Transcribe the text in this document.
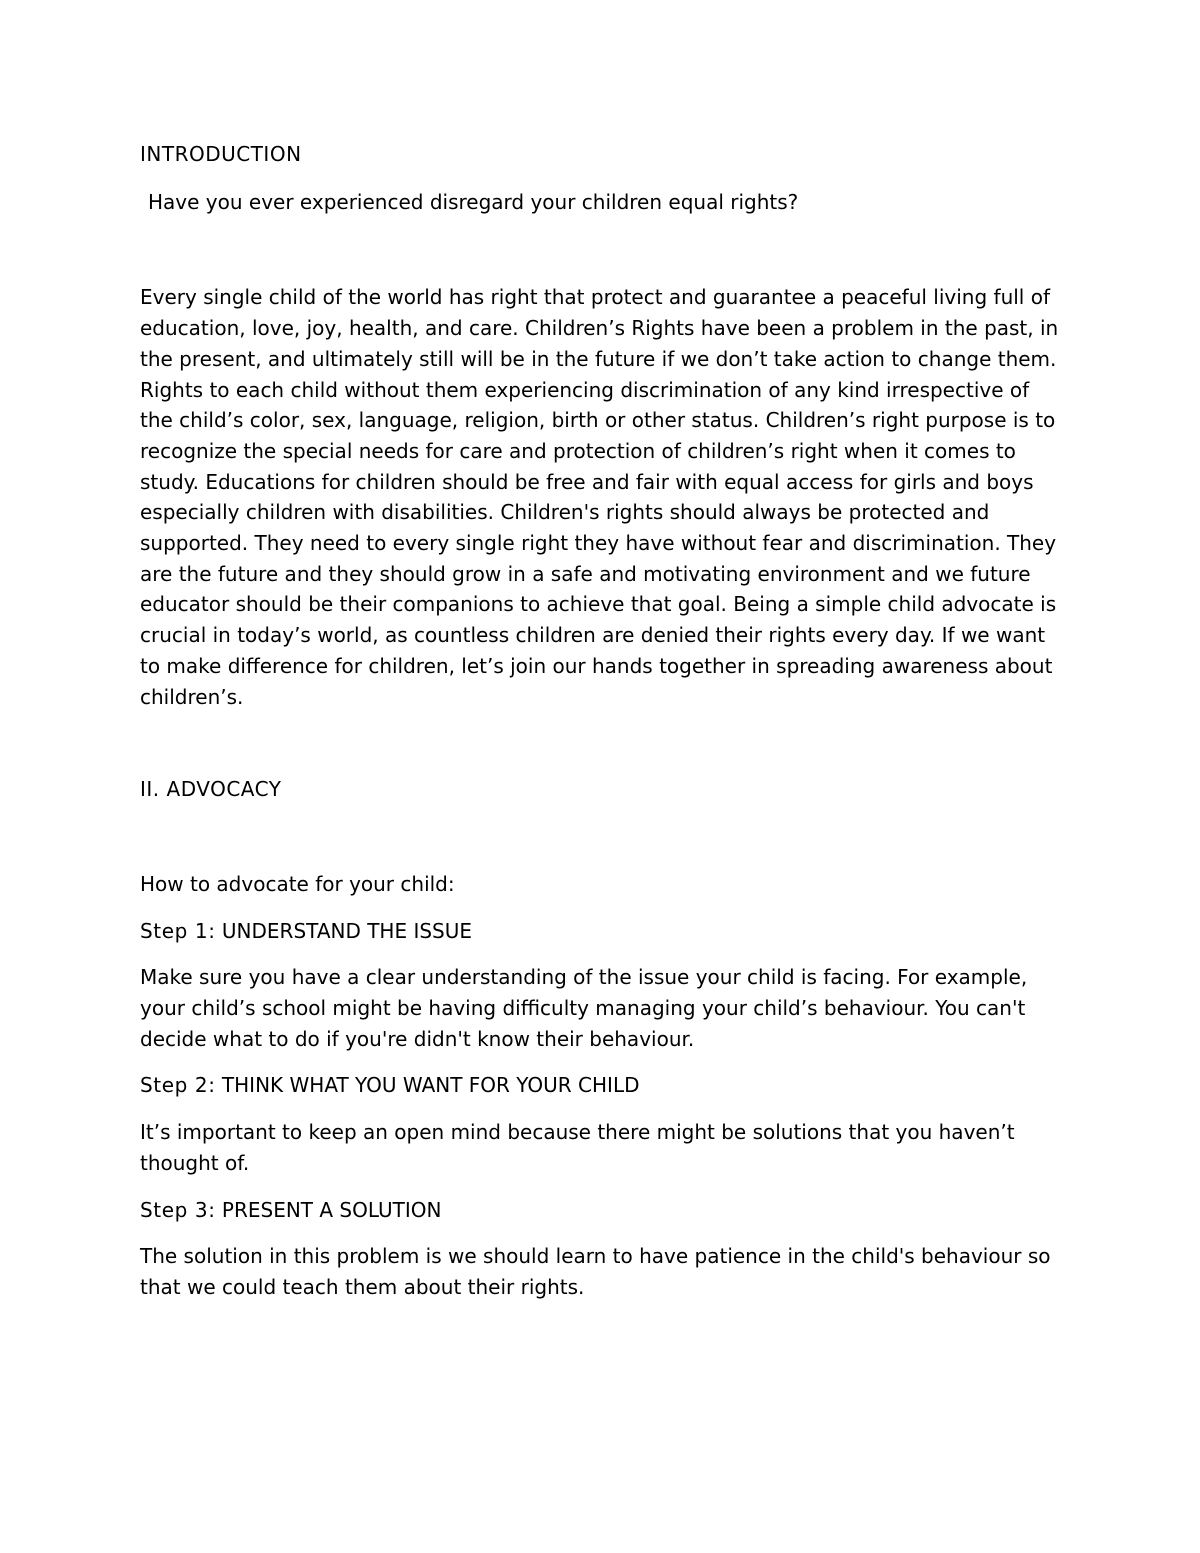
INTRODUCTION

Have you ever experienced disregard your children equal rights?

Every single child of the world has right that protect and guarantee a peaceful living full of education, love, joy, health, and care. Children’s Rights have been a problem in the past, in the present, and ultimately still will be in the future if we don’t take action to change them. Rights to each child without them experiencing discrimination of any kind irrespective of the child’s color, sex, language, religion, birth or other status. Children’s right purpose is to recognize the special needs for care and protection of children’s right when it comes to study. Educations for children should be free and fair with equal access for girls and boys especially children with disabilities. Children's rights should always be protected and supported. They need to every single right they have without fear and discrimination. They are the future and they should grow in a safe and motivating environment and we future educator should be their companions to achieve that goal. Being a simple child advocate is crucial in today’s world, as countless children are denied their rights every day. If we want to make difference for children, let’s join our hands together in spreading awareness about children’s.

II. ADVOCACY

How to advocate for your child:

Step 1: UNDERSTAND THE ISSUE

Make sure you have a clear understanding of the issue your child is facing. For example, your child’s school might be having difficulty managing your child’s behaviour. You can't decide what to do if you're didn't know their behaviour.

Step 2: THINK WHAT YOU WANT FOR YOUR CHILD

It’s important to keep an open mind because there might be solutions that you haven’t thought of.

Step 3: PRESENT A SOLUTION

The solution in this problem is we should learn to have patience in the child's behaviour so that we could teach them about their rights.
